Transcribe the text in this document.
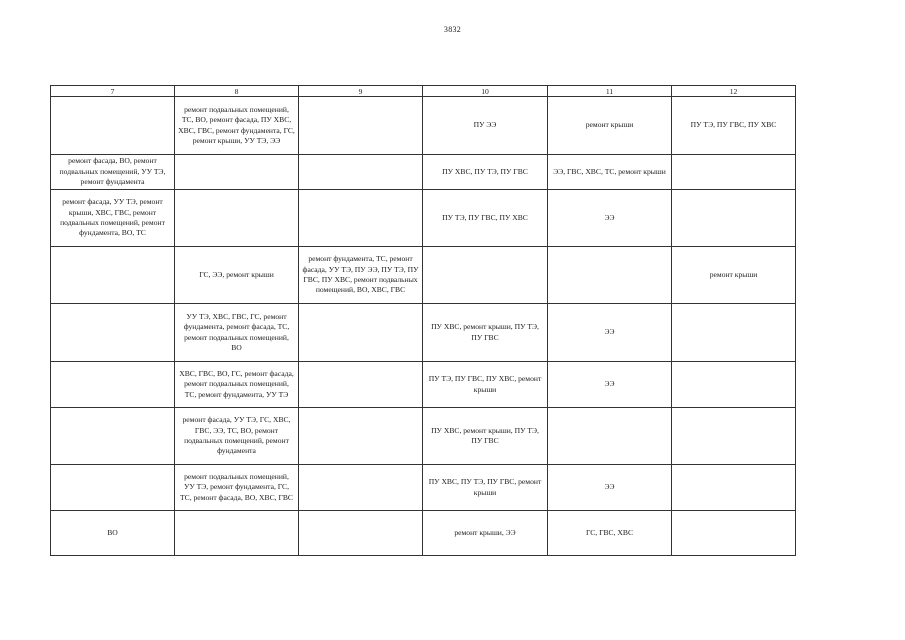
3832
7	8	9	10	11	12
	ремонт подвальных помещений, ТС, ВО, ремонт фасада, ПУ ХВС, ХВС, ГВС, ремонт фундамента, ГС, ремонт крыши, УУ ТЭ, ЭЭ		ПУ ЭЭ	ремонт крыши	ПУ ТЭ, ПУ ГВС, ПУ ХВС
ремонт фасада, ВО, ремонт подвальных помещений, УУ ТЭ, ремонт фундамента			ПУ ХВС, ПУ ТЭ, ПУ ГВС	ЭЭ, ГВС, ХВС, ТС, ремонт крыши	
ремонт фасада, УУ ТЭ, ремонт крыши, ХВС, ГВС, ремонт подвальных помещений, ремонт фундамента, ВО, ТС			ПУ ТЭ, ПУ ГВС, ПУ ХВС	ЭЭ	
	ГС, ЭЭ, ремонт крыши	ремонт фундамента, ТС, ремонт фасада, УУ ТЭ, ПУ ЭЭ, ПУ ТЭ, ПУ ГВС, ПУ ХВС, ремонт подвальных помещений, ВО, ХВС, ГВС			ремонт крыши
	УУ ТЭ, ХВС, ГВС, ГС, ремонт фундамента, ремонт фасада, ТС, ремонт подвальных помещений, ВО		ПУ ХВС, ремонт крыши, ПУ ТЭ, ПУ ГВС	ЭЭ	
	ХВС, ГВС, ВО, ГС, ремонт фасада, ремонт подвальных помещений, ТС, ремонт фундамента, УУ ТЭ		ПУ ТЭ, ПУ ГВС, ПУ ХВС, ремонт крыши	ЭЭ	
	ремонт фасада, УУ ТЭ, ГС, ХВС, ГВС, ЭЭ, ТС, ВО, ремонт подвальных помещений, ремонт фундамента		ПУ ХВС, ремонт крыши, ПУ ТЭ, ПУ ГВС		
	ремонт подвальных помещений, УУ ТЭ, ремонт фундамента, ГС, ТС, ремонт фасада, ВО, ХВС, ГВС		ПУ ХВС, ПУ ТЭ, ПУ ГВС, ремонт крыши	ЭЭ	
ВО			ремонт крыши, ЭЭ	ГС, ГВС, ХВС	
